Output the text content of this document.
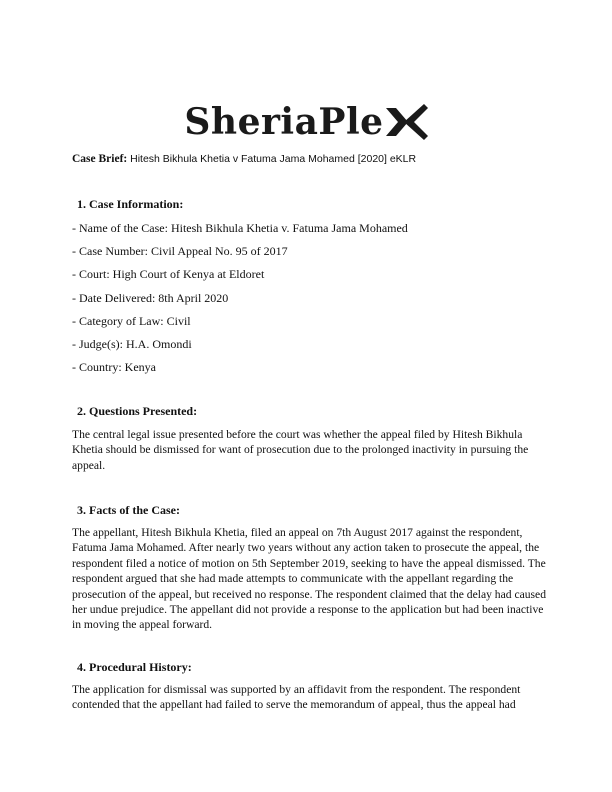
SheriaPle
Case Brief: Hitesh Bikhula Khetia v Fatuma Jama Mohamed [2020] eKLR
1. Case Information:
- Name of the Case: Hitesh Bikhula Khetia v. Fatuma Jama Mohamed
- Case Number: Civil Appeal No. 95 of 2017
- Court: High Court of Kenya at Eldoret
- Date Delivered: 8th April 2020
- Category of Law: Civil
- Judge(s): H.A. Omondi
- Country: Kenya
2. Questions Presented:

The central legal issue presented before the court was whether the appeal filed by Hitesh Bikhula Khetia should be dismissed for want of prosecution due to the prolonged inactivity in pursuing the appeal.

3. Facts of the Case:

The appellant, Hitesh Bikhula Khetia, filed an appeal on 7th August 2017 against the respondent, Fatuma Jama Mohamed. After nearly two years without any action taken to prosecute the appeal, the respondent filed a notice of motion on 5th September 2019, seeking to have the appeal dismissed. The respondent argued that she had made attempts to communicate with the appellant regarding the prosecution of the appeal, but received no response. The respondent claimed that the delay had caused her undue prejudice. The appellant did not provide a response to the application but had been inactive in moving the appeal forward.

4. Procedural History:

The application for dismissal was supported by an affidavit from the respondent. The respondent contended that the appellant had failed to serve the memorandum of appeal, thus the appeal had
